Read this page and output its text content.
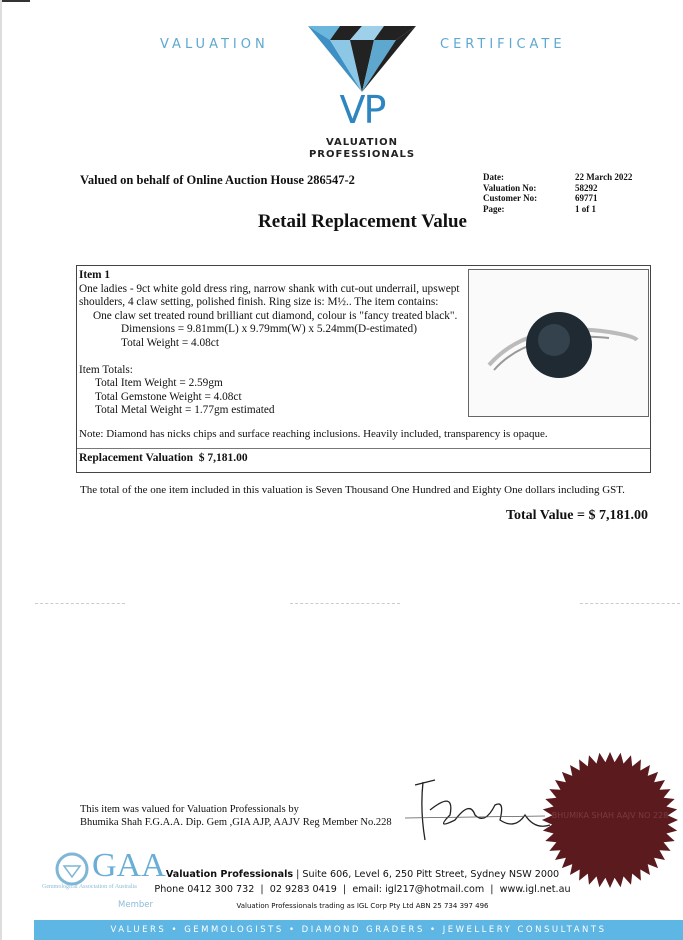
VALUATION	CERTIFICATE
VP
VALUATION
PROFESSIONALS
Valued on behalf of Online Auction House 286547-2	Date:
Valuation No:
Customer No:
Page:
22 March 2022
58292
69771
1 of 1
Retail Replacement Value
Item 1
One ladies - 9ct white gold dress ring, narrow shank with cut-out underrail, upswept
shoulders, 4 claw setting, polished finish. Ring size is: M½.. The item contains:
One claw set treated round brilliant cut diamond, colour is "fancy treated black".
Dimensions = 9.81mm(L) x 9.79mm(W) x 5.24mm(D-estimated)
Total Weight = 4.08ct
Item Totals:
Total Item Weight = 2.59gm
Total Gemstone Weight = 4.08ct
Total Metal Weight = 1.77gm estimated
Note: Diamond has nicks chips and surface reaching inclusions. Heavily included, transparency is opaque.
Replacement Valuation $ 7,181.00
The total of the one item included in this valuation is Seven Thousand One Hundred and Eighty One dollars including GST.
Total Value = $ 7,181.00
This item was valued for Valuation Professionals by
Bhumika Shah F.G.A.A. Dip. Gem ,GIA AJP, AAJV Reg Member No.228
BHUMIKA SHAH AAJV NO 228
GAA
Gemmological Association of Australia
Member
Valuation Professionals | Suite 606, Level 6, 250 Pitt Street, Sydney NSW 2000
Phone 0412 300 732  |  02 9283 0419  |  email: igl217@hotmail.com  |  www.igl.net.au
Valuation Professionals trading as IGL Corp Pty Ltd ABN 25 734 397 496
VALUERS • GEMMOLOGISTS • DIAMOND GRADERS • JEWELLERY CONSULTANTS
